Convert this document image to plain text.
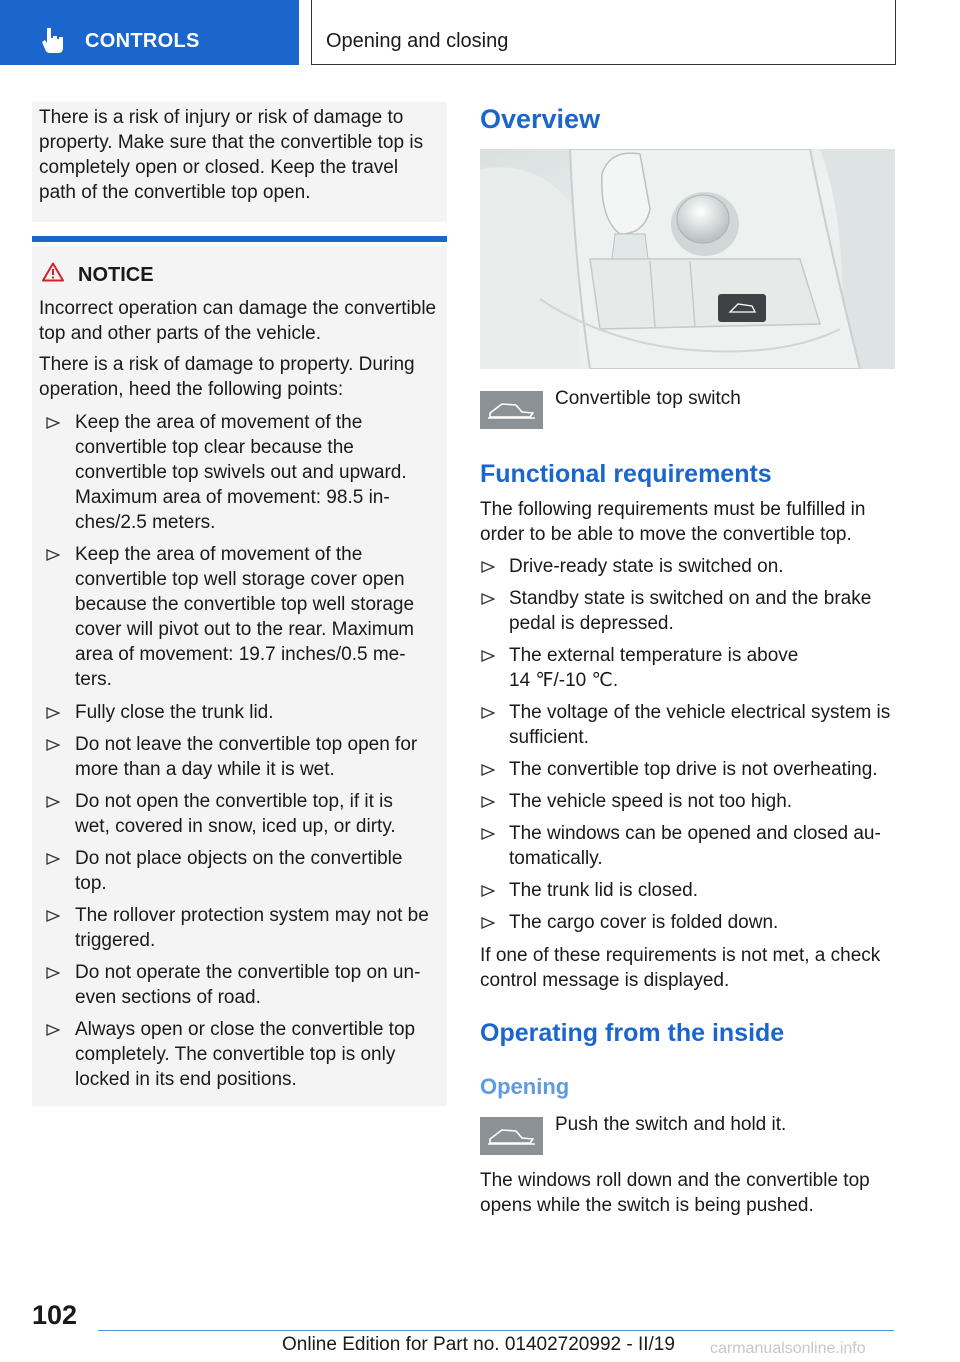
CONTROLS	Opening and closing
There is a risk of injury or risk of damage to property. Make sure that the convertible top is completely open or closed. Keep the travel path of the convertible top open.
NOTICE
Incorrect operation can damage the convertible top and other parts of the vehicle.
There is a risk of damage to property. During operation, heed the following points:
Keep the area of movement of the convertible top clear because the convertible top swivels out and upward. Maximum area of movement: 98.5 inches/2.5 meters.
Keep the area of movement of the convertible top well storage cover open because the convertible top well storage cover will pivot out to the rear. Maximum area of movement: 19.7 inches/0.5 meters.
Fully close the trunk lid.
Do not leave the convertible top open for more than a day while it is wet.
Do not open the convertible top, if it is wet, covered in snow, iced up, or dirty.
Do not place objects on the convertible top.
The rollover protection system may not be triggered.
Do not operate the convertible top on uneven sections of road.
Always open or close the convertible top completely. The convertible top is only locked in its end positions.
Overview
Convertible top switch
Functional requirements
The following requirements must be fulfilled in order to be able to move the convertible top.
Drive-ready state is switched on.
Standby state is switched on and the brake pedal is depressed.
The external temperature is above 14 ℉/-10 ℃.
The voltage of the vehicle electrical system is sufficient.
The convertible top drive is not overheating.
The vehicle speed is not too high.
The windows can be opened and closed automatically.
The trunk lid is closed.
The cargo cover is folded down.
If one of these requirements is not met, a check control message is displayed.
Operating from the inside
Opening
Push the switch and hold it.
The windows roll down and the convertible top opens while the switch is being pushed.
102
Online Edition for Part no. 01402720992 - II/19 carmanualsonline.info
